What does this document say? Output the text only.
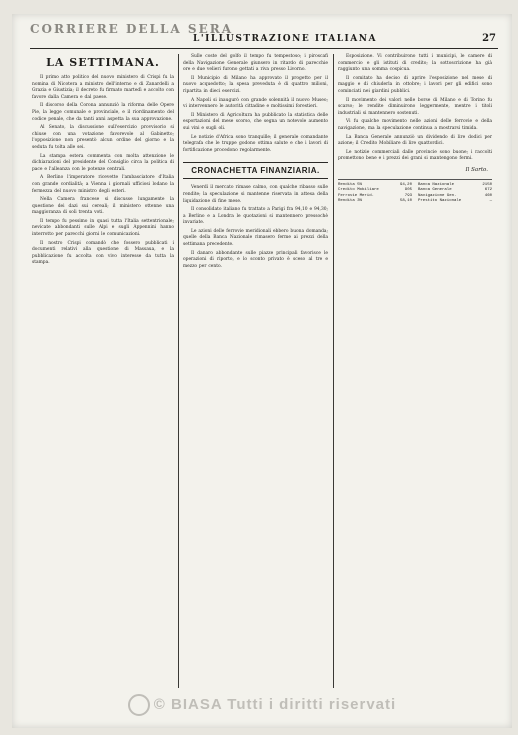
CORRIERE DELLA SERA
L'ILLUSTRAZIONE ITALIANA	27
LA SETTIMANA.

Il primo atto politico del nuovo ministero di Crispi fu la nomina di Nicotera a ministro dell'interno e di Zanardelli a Grazia e Giustizia; il decreto fu firmato martedì e accolto con favore dalla Camera e dal paese.

Il discorso della Corona annunziò la riforma delle Opere Pie, la legge comunale e provinciale, e il riordinamento del codice penale, che da tanti anni aspetta la sua approvazione.

Al Senato, la discussione sull'esercizio provvisorio si chiuse con una votazione favorevole al Gabinetto; l'opposizione non presentò alcun ordine del giorno e la seduta fu tolta alle sei.

La stampa estera commenta con molta attenzione le dichiarazioni del presidente del Consiglio circa la politica di pace e l'alleanza con le potenze centrali.

A Berlino l'imperatore ricevette l'ambasciatore d'Italia con grande cordialità; a Vienna i giornali ufficiosi lodano la fermezza del nuovo ministro degli esteri.

Nella Camera francese si discusse lungamente la questione dei dazi sui cereali; il ministero ottenne una maggioranza di soli trenta voti.

Il tempo fu pessimo in quasi tutta l'Italia settentrionale; nevicate abbondanti sulle Alpi e sugli Appennini hanno interrotto per parecchi giorni le comunicazioni.

Il nostro Crispi comandò che fossero pubblicati i documenti relativi alla questione di Massaua, e la pubblicazione fu accolta con vivo interesse da tutta la stampa.

Sulle coste del golfo il tempo fu tempestoso; i piroscafi della Navigazione Generale giunsero in ritardo di parecchie ore e due velieri furono gettati a riva presso Livorno.

Il Municipio di Milano ha approvato il progetto per il nuovo acquedotto; la spesa preveduta è di quattro milioni, ripartita in dieci esercizi.

A Napoli si inaugurò con grande solennità il nuovo Museo; vi intervennero le autorità cittadine e moltissimi forestieri.

Il Ministero di Agricoltura ha pubblicato la statistica delle esportazioni del mese scorso, che segna un notevole aumento sui vini e sugli oli.

Le notizie d'Africa sono tranquille; il generale comandante telegrafa che le truppe godono ottima salute e che i lavori di fortificazione procedono regolarmente.

CRONACHETTA FINANZIARIA.

Venerdì il mercato rimase calmo, con qualche ribasso sulle rendite; la speculazione si mantenne riservata in attesa della liquidazione di fine mese.

Il consolidato italiano fu trattato a Parigi fra 94,10 e 94,30; a Berlino e a Londra le quotazioni si mantennero pressochè invariate.

Le azioni delle ferrovie meridionali ebbero buona domanda; quelle della Banca Nazionale rimasero ferme ai prezzi della settimana precedente.

Il danaro abbondante sulle piazze principali favorisce le operazioni di riporto, e lo sconto privato è sceso al tre e mezzo per cento.

Esposizione. Vi contribuirono tutti i municipi, le camere di commercio e gli istituti di credito; la sottoscrizione ha già raggiunto una somma cospicua.

Il comitato ha deciso di aprire l'esposizione nel mese di maggio e di chiuderla in ottobre; i lavori per gli edifici sono cominciati nei giardini pubblici.

Il movimento dei valori nelle borse di Milano e di Torino fu scarso; le rendite diminuirono leggermente, mentre i titoli industriali si mantennero sostenuti.

Vi fu qualche movimento nelle azioni delle ferrovie e della navigazione, ma la speculazione continua a mostrarsi timida.

La Banca Generale annunziò un dividendo di lire dodici per azione; il Credito Mobiliare di lire quattordici.

Le notizie commerciali dalle provincie sono buone; i raccolti promettono bene e i prezzi dei grani si mantengono fermi.

Il Sarto.
Rendita 5%	94,20 Banca Nazionale	2150
Credito Mobiliare	905 Banca Generale	672
Ferrovie Merid.	793 Navigazione Gen.	460
Rendita 3%	58,10 Prestito Nazionale	—
© BIASA Tutti i diritti riservati
